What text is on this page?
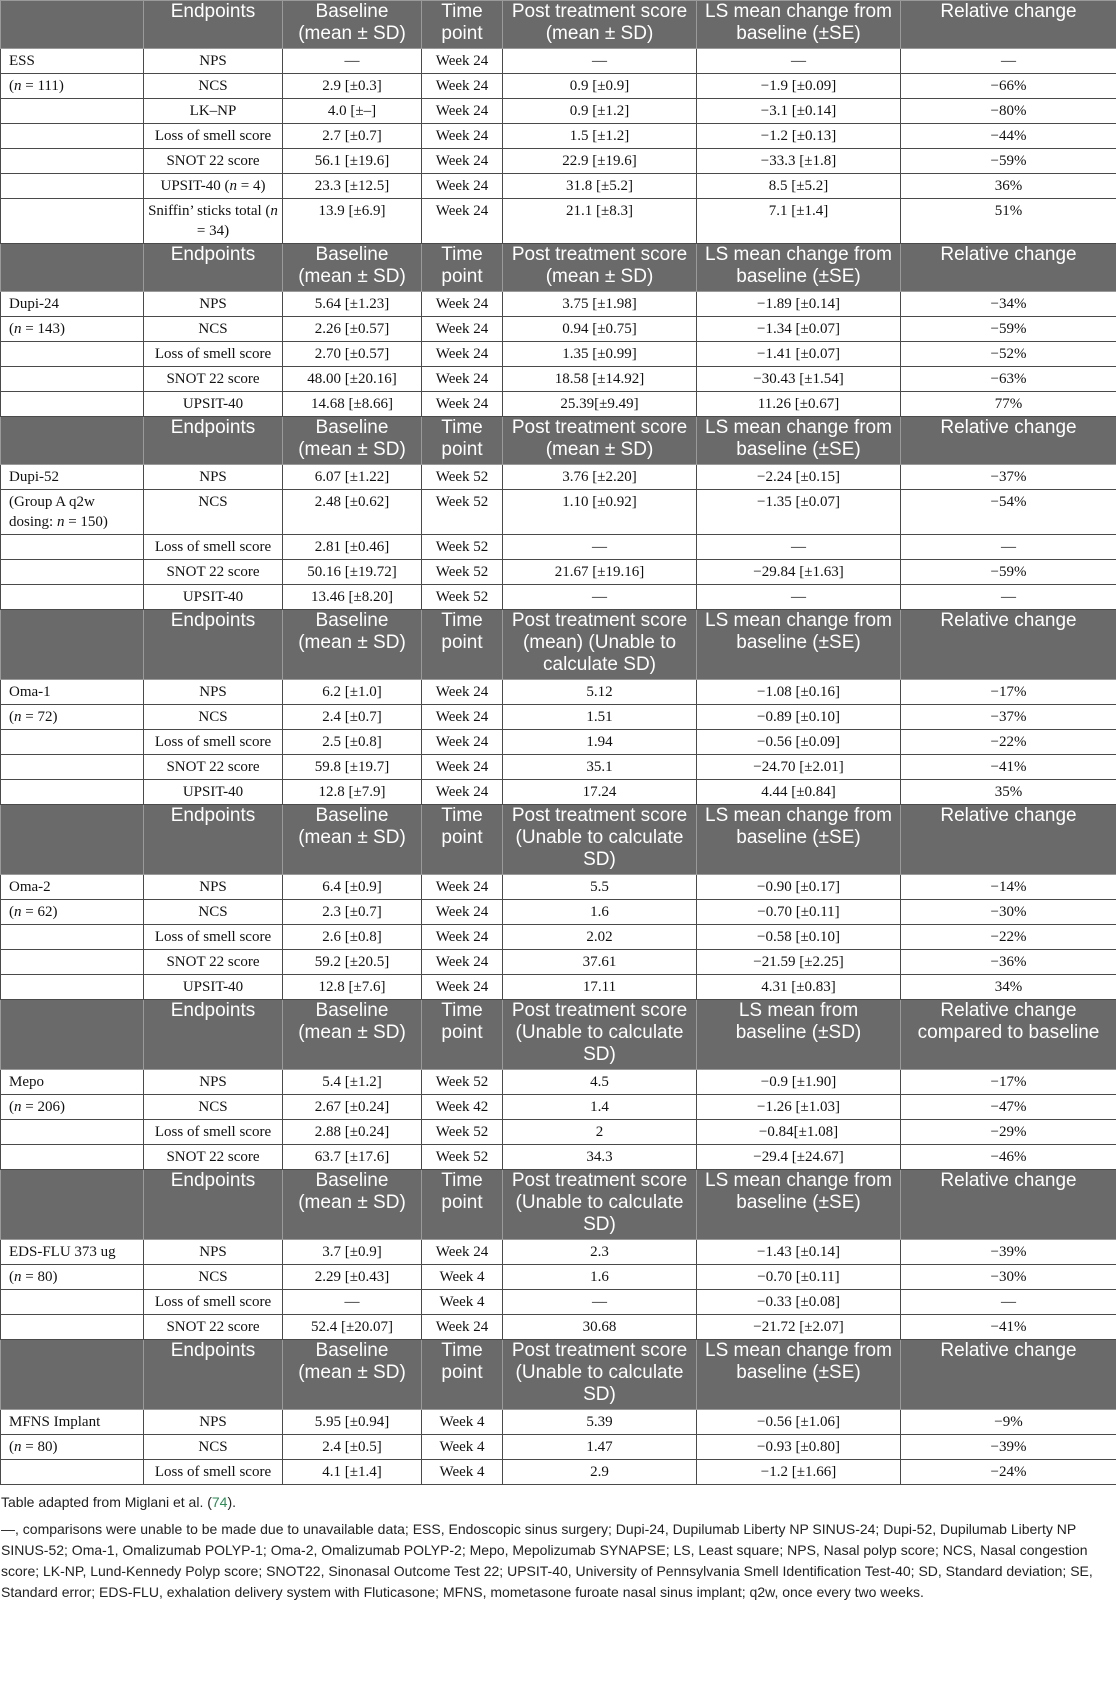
	Endpoints	Baseline (mean ± SD)	Time point	Post treatment score (mean ± SD)	LS mean change from baseline (±SE)	Relative change
ESS	NPS	—	Week 24	—	—	—
(n = 111)	NCS	2.9 [±0.3]	Week 24	0.9 [±0.9]	−1.9 [±0.09]	−66%
	LK–NP	4.0 [±–]	Week 24	0.9 [±1.2]	−3.1 [±0.14]	−80%
	Loss of smell score	2.7 [±0.7]	Week 24	1.5 [±1.2]	−1.2 [±0.13]	−44%
	SNOT 22 score	56.1 [±19.6]	Week 24	22.9 [±19.6]	−33.3 [±1.8]	−59%
	UPSIT-40 (n = 4)	23.3 [±12.5]	Week 24	31.8 [±5.2]	8.5 [±5.2]	36%
	Sniffin’ sticks total (n = 34)	13.9 [±6.9]	Week 24	21.1 [±8.3]	7.1 [±1.4]	51%
	Endpoints	Baseline (mean ± SD)	Time point	Post treatment score (mean ± SD)	LS mean change from baseline (±SE)	Relative change
Dupi-24	NPS	5.64 [±1.23]	Week 24	3.75 [±1.98]	−1.89 [±0.14]	−34%
(n = 143)	NCS	2.26 [±0.57]	Week 24	0.94 [±0.75]	−1.34 [±0.07]	−59%
	Loss of smell score	2.70 [±0.57]	Week 24	1.35 [±0.99]	−1.41 [±0.07]	−52%
	SNOT 22 score	48.00 [±20.16]	Week 24	18.58 [±14.92]	−30.43 [±1.54]	−63%
	UPSIT-40	14.68 [±8.66]	Week 24	25.39[±9.49]	11.26 [±0.67]	77%
	Endpoints	Baseline (mean ± SD)	Time point	Post treatment score (mean ± SD)	LS mean change from baseline (±SE)	Relative change
Dupi-52	NPS	6.07 [±1.22]	Week 52	3.76 [±2.20]	−2.24 [±0.15]	−37%
(Group A q2w dosing: n = 150)	NCS	2.48 [±0.62]	Week 52	1.10 [±0.92]	−1.35 [±0.07]	−54%
	Loss of smell score	2.81 [±0.46]	Week 52	—	—	—
	SNOT 22 score	50.16 [±19.72]	Week 52	21.67 [±19.16]	−29.84 [±1.63]	−59%
	UPSIT-40	13.46 [±8.20]	Week 52	—	—	—
	Endpoints	Baseline (mean ± SD)	Time point	Post treatment score (mean) (Unable to calculate SD)	LS mean change from baseline (±SE)	Relative change
Oma-1	NPS	6.2 [±1.0]	Week 24	5.12	−1.08 [±0.16]	−17%
(n = 72)	NCS	2.4 [±0.7]	Week 24	1.51	−0.89 [±0.10]	−37%
	Loss of smell score	2.5 [±0.8]	Week 24	1.94	−0.56 [±0.09]	−22%
	SNOT 22 score	59.8 [±19.7]	Week 24	35.1	−24.70 [±2.01]	−41%
	UPSIT-40	12.8 [±7.9]	Week 24	17.24	4.44 [±0.84]	35%
	Endpoints	Baseline (mean ± SD)	Time point	Post treatment score (Unable to calculate SD)	LS mean change from baseline (±SE)	Relative change
Oma-2	NPS	6.4 [±0.9]	Week 24	5.5	−0.90 [±0.17]	−14%
(n = 62)	NCS	2.3 [±0.7]	Week 24	1.6	−0.70 [±0.11]	−30%
	Loss of smell score	2.6 [±0.8]	Week 24	2.02	−0.58 [±0.10]	−22%
	SNOT 22 score	59.2 [±20.5]	Week 24	37.61	−21.59 [±2.25]	−36%
	UPSIT-40	12.8 [±7.6]	Week 24	17.11	4.31 [±0.83]	34%
	Endpoints	Baseline (mean ± SD)	Time point	Post treatment score (Unable to calculate SD)	LS mean from baseline (±SD)	Relative change compared to baseline
Mepo	NPS	5.4 [±1.2]	Week 52	4.5	−0.9 [±1.90]	−17%
(n = 206)	NCS	2.67 [±0.24]	Week 42	1.4	−1.26 [±1.03]	−47%
	Loss of smell score	2.88 [±0.24]	Week 52	2	−0.84[±1.08]	−29%
	SNOT 22 score	63.7 [±17.6]	Week 52	34.3	−29.4 [±24.67]	−46%
	Endpoints	Baseline (mean ± SD)	Time point	Post treatment score (Unable to calculate SD)	LS mean change from baseline (±SE)	Relative change
EDS-FLU 373 ug	NPS	3.7 [±0.9]	Week 24	2.3	−1.43 [±0.14]	−39%
(n = 80)	NCS	2.29 [±0.43]	Week 4	1.6	−0.70 [±0.11]	−30%
	Loss of smell score	—	Week 4	—	−0.33 [±0.08]	—
	SNOT 22 score	52.4 [±20.07]	Week 24	30.68	−21.72 [±2.07]	−41%
	Endpoints	Baseline (mean ± SD)	Time point	Post treatment score (Unable to calculate SD)	LS mean change from baseline (±SE)	Relative change
MFNS Implant	NPS	5.95 [±0.94]	Week 4	5.39	−0.56 [±1.06]	−9%
(n = 80)	NCS	2.4 [±0.5]	Week 4	1.47	−0.93 [±0.80]	−39%
	Loss of smell score	4.1 [±1.4]	Week 4	2.9	−1.2 [±1.66]	−24%

Table adapted from Miglani et al. (74).

—, comparisons were unable to be made due to unavailable data; ESS, Endoscopic sinus surgery; Dupi-24, Dupilumab Liberty NP SINUS-24; Dupi-52, Dupilumab Liberty NP SINUS-52; Oma-1, Omalizumab POLYP-1; Oma-2, Omalizumab POLYP-2; Mepo, Mepolizumab SYNAPSE; LS, Least square; NPS, Nasal polyp score; NCS, Nasal congestion score; LK-NP, Lund-Kennedy Polyp score; SNOT22, Sinonasal Outcome Test 22; UPSIT-40, University of Pennsylvania Smell Identification Test-40; SD, Standard deviation; SE, Standard error; EDS-FLU, exhalation delivery system with Fluticasone; MFNS, mometasone furoate nasal sinus implant; q2w, once every two weeks.
